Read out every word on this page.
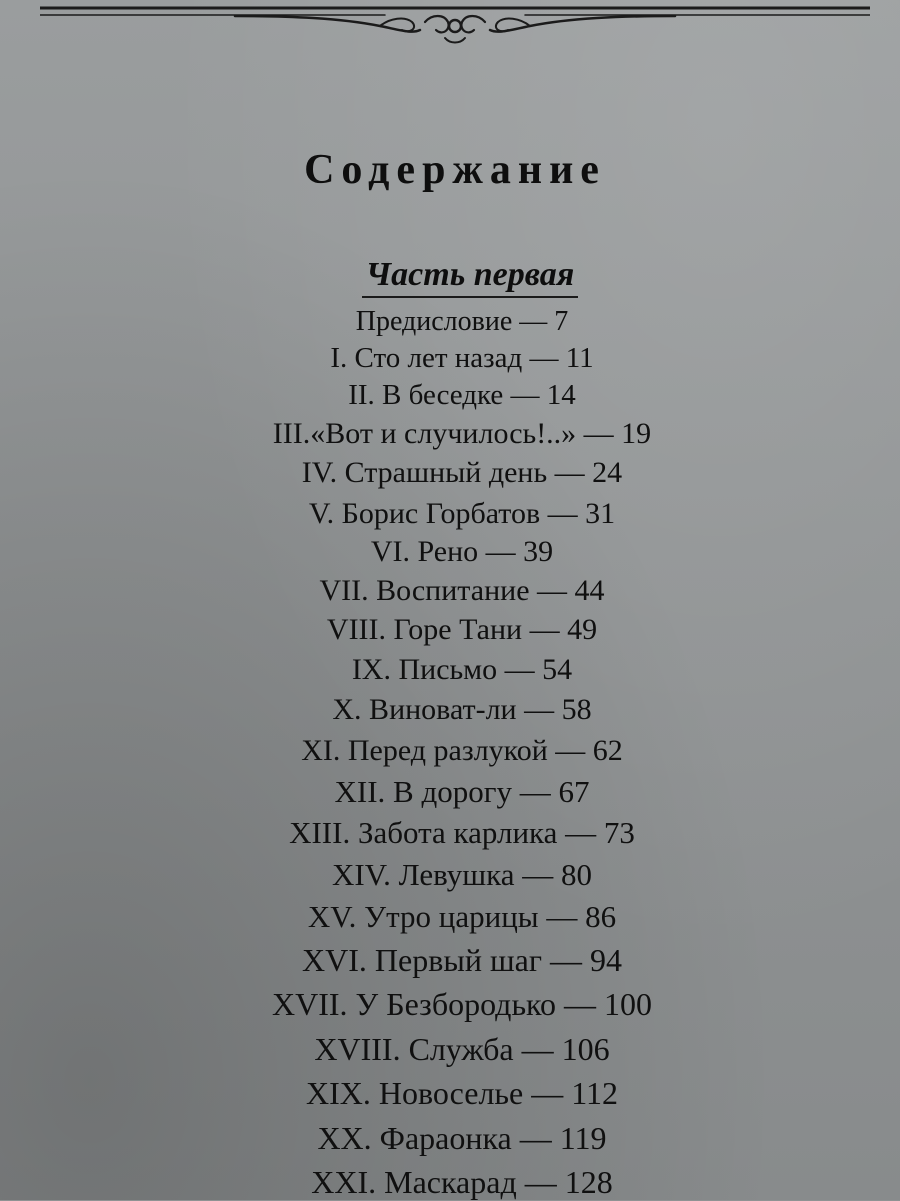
Содержание
Часть первая
Предисловие — 7
I. Сто лет назад — 11
II. В беседке — 14
III.«Вот и случилось!..» — 19
IV. Страшный день — 24
V. Борис Горбатов — 31
VI. Рено — 39
VII. Воспитание — 44
VIII. Горе Тани — 49
IX. Письмо — 54
X. Виноват-ли — 58
XI. Перед разлукой — 62
XII. В дорогу — 67
XIII. Забота карлика — 73
XIV. Левушка — 80
XV. Утро царицы — 86
XVI. Первый шаг — 94
XVII. У Безбородько — 100
XVIII. Служба — 106
XIX. Новоселье — 112
XX. Фараонка — 119
XXI. Маскарад — 128
